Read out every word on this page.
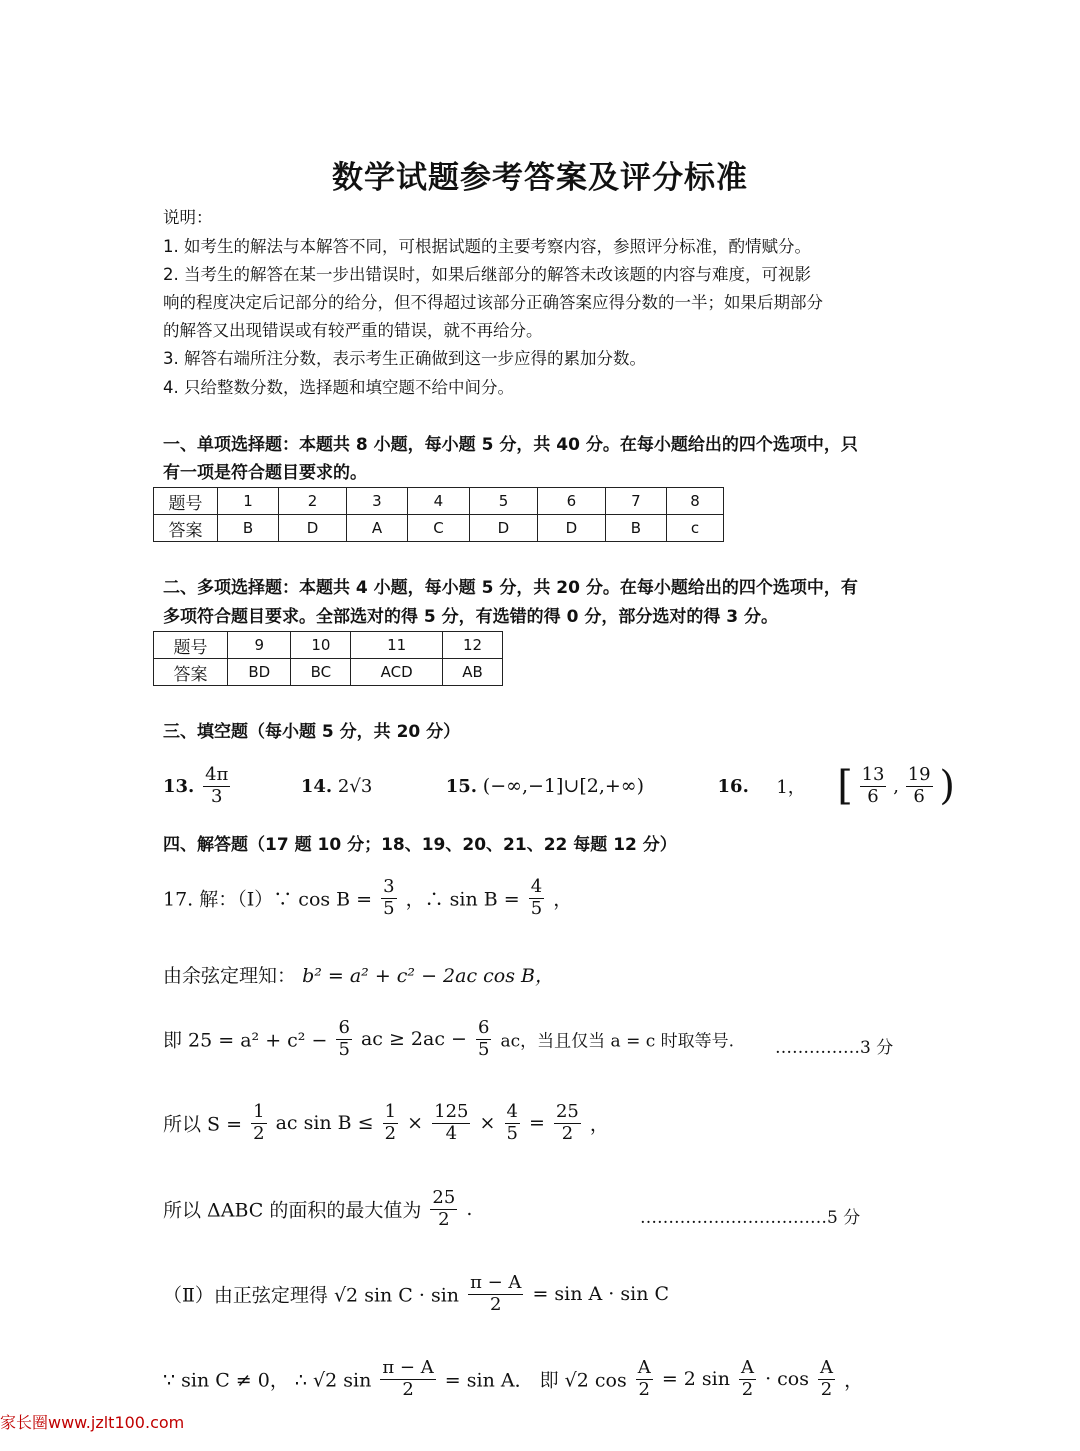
数学试题参考答案及评分标准
说明：
1. 如考生的解法与本解答不同，可根据试题的主要考察内容，参照评分标准，酌情赋分。
2. 当考生的解答在某一步出错误时，如果后继部分的解答未改该题的内容与难度，可视影
响的程度决定后记部分的给分，但不得超过该部分正确答案应得分数的一半；如果后期部分
的解答又出现错误或有较严重的错误，就不再给分。
3. 解答右端所注分数，表示考生正确做到这一步应得的累加分数。
4. 只给整数分数，选择题和填空题不给中间分。
一、单项选择题：本题共 8 小题，每小题 5 分，共 40 分。在每小题给出的四个选项中，只
有一项是符合题目要求的。
题号	1	2	3	4	5	6	7	8
答案	B	D	A	C	D	D	B	c
二、多项选择题：本题共 4 小题，每小题 5 分，共 20 分。在每小题给出的四个选项中，有
多项符合题目要求。全部选对的得 5 分，有选错的得 0 分，部分选对的得 3 分。
题号	9	10	11	12
答案	BD	BC	ACD	AB
三、填空题（每小题 5 分，共 20 分）
13. $\frac{4\pi}{3}$	14. 2√3	15. (−∞,−1]∪[2,+∞)	16. 1， [ $\frac{13}{6}$ , $\frac{19}{6}$ )
四、解答题（17 题 10 分；18、19、20、21、22 每题 12 分）
17. 解：（Ⅰ）∵ $\cos B = \frac{3}{5}$ ，∴ $\sin B = \frac{4}{5}$ ，
由余弦定理知： b² = a² + c² − 2ac cos B，
即 $25 = a^2 + c^2 - \frac{6}{5}$ ac ≥ $2ac - \frac{6}{5}$ ac，当且仅当 a = c 时取等号.	……………3 分
所以 $S = \frac{1}{2}$ ac $\sin B \le \frac{1}{2} \times \frac{125}{4} \times \frac{4}{5} = \frac{25}{2}$ ，
所以 ΔABC 的面积的最大值为 $\frac{25}{2}$ .	……………………………5 分
（Ⅱ）由正弦定理得 √2 $\sin C \cdot \sin \frac{\pi - A}{2} = \sin A \cdot \sin C$
∵ sin C ≠ 0， ∴ √2 $\sin \frac{\pi - A}{2} = \sin A$． 即 √2 $\cos \frac{A}{2} = 2$ $\sin \frac{A}{2} \cdot \cos \frac{A}{2}$ ，
家长圈www.jzlt100.com
